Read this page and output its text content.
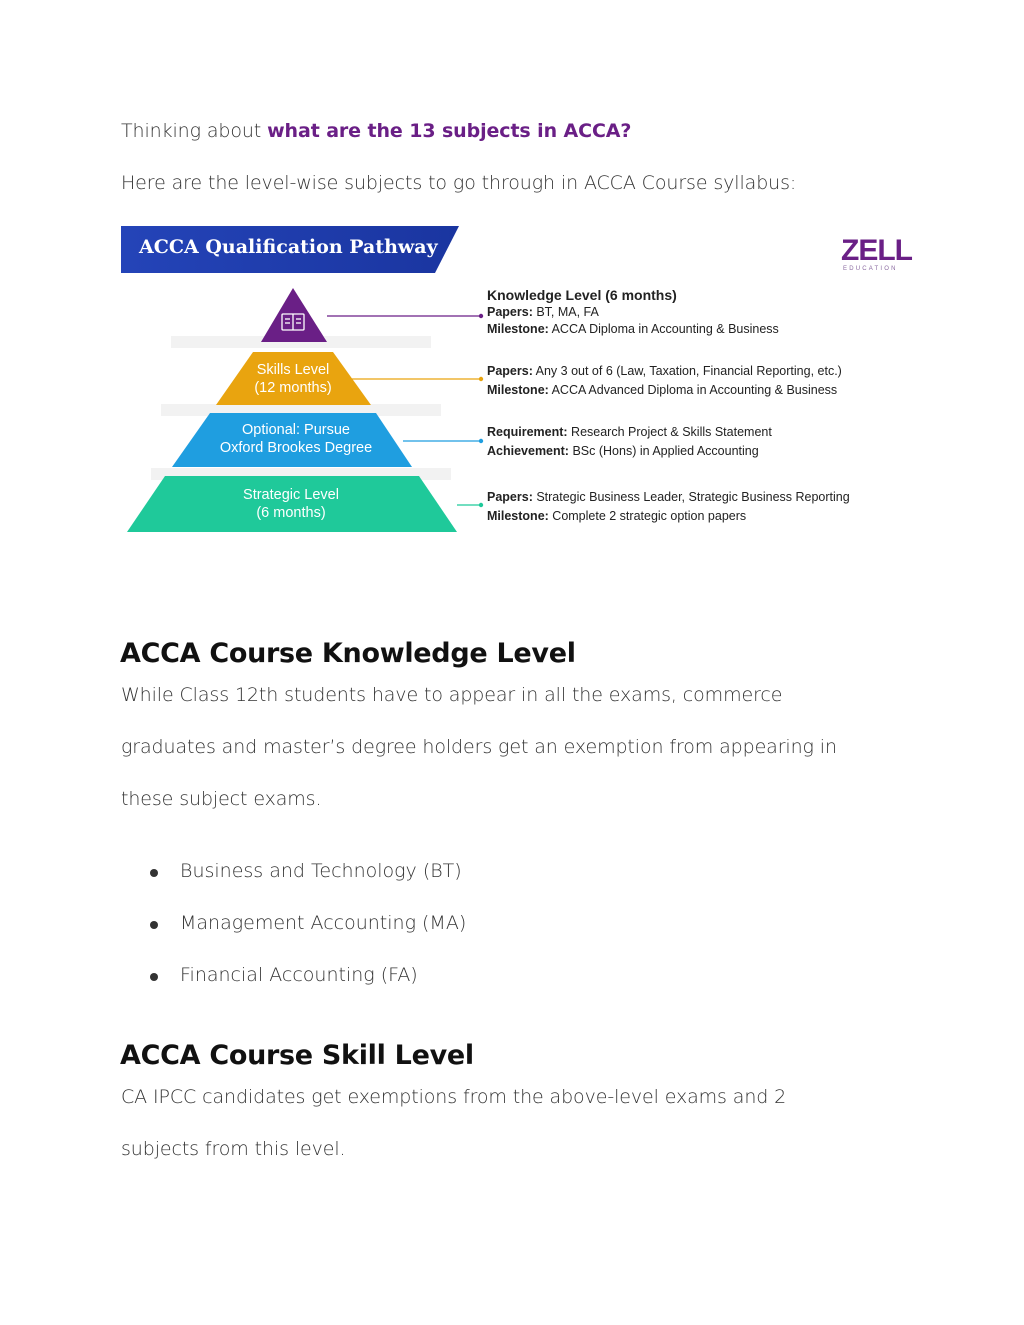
Thinking about what are the 13 subjects in ACCA?

Here are the level-wise subjects to go through in ACCA Course syllabus:

ACCA Qualification Pathway	ZELL
EDUCATION
Skills Level
(12 months)
Optional: Pursue
Oxford Brookes Degree
Strategic Level
(6 months)
Knowledge Level (6 months)
Papers: BT, MA, FA
Milestone: ACCA Diploma in Accounting & Business
Papers: Any 3 out of 6 (Law, Taxation, Financial Reporting, etc.)
Milestone: ACCA Advanced Diploma in Accounting & Business
Requirement: Research Project & Skills Statement
Achievement: BSc (Hons) in Applied Accounting
Papers: Strategic Business Leader, Strategic Business Reporting
Milestone: Complete 2 strategic option papers
ACCA Course Knowledge Level

While Class 12th students have to appear in all the exams, commerce

graduates and master’s degree holders get an exemption from appearing in

these subject exams.

Business and Technology (BT)
Management Accounting (MA)
Financial Accounting (FA)
ACCA Course Skill Level

CA IPCC candidates get exemptions from the above-level exams and 2

subjects from this level.
